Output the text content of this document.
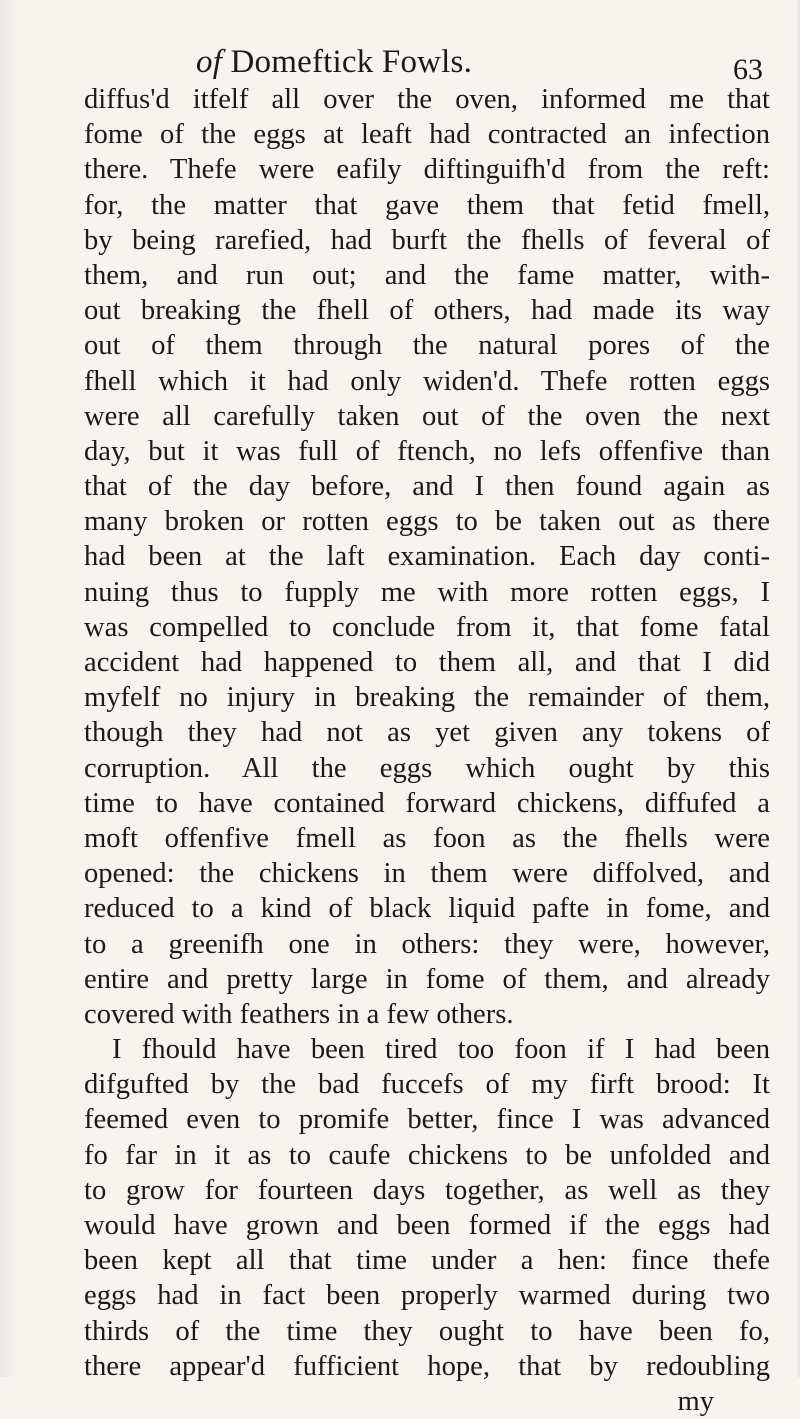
of Domeftick Fowls.	63
diffus'd itfelf all over the oven, informed me that
fome of the eggs at leaft had contracted an infection
there. Thefe were eafily diftinguifh'd from the reft:
for, the matter that gave them that fetid fmell,
by being rarefied, had burft the fhells of feveral of
them, and run out; and the fame matter, with-
out breaking the fhell of others, had made its way
out of them through the natural pores of the
fhell which it had only widen'd. Thefe rotten eggs
were all carefully taken out of the oven the next
day, but it was full of ftench, no lefs offenfive than
that of the day before, and I then found again as
many broken or rotten eggs to be taken out as there
had been at the laft examination. Each day conti-
nuing thus to fupply me with more rotten eggs, I
was compelled to conclude from it, that fome fatal
accident had happened to them all, and that I did
myfelf no injury in breaking the remainder of them,
though they had not as yet given any tokens of
corruption. All the eggs which ought by this
time to have contained forward chickens, diffufed a
moft offenfive fmell as foon as the fhells were
opened: the chickens in them were diffolved, and
reduced to a kind of black liquid pafte in fome, and
to a greenifh one in others: they were, however,
entire and pretty large in fome of them, and already
covered with feathers in a few others.
I fhould have been tired too foon if I had been
difgufted by the bad fuccefs of my firft brood: It
feemed even to promife better, fince I was advanced
fo far in it as to caufe chickens to be unfolded and
to grow for fourteen days together, as well as they
would have grown and been formed if the eggs had
been kept all that time under a hen: fince thefe
eggs had in fact been properly warmed during two
thirds of the time they ought to have been fo,
there appear'd fufficient hope, that by redoubling
my
